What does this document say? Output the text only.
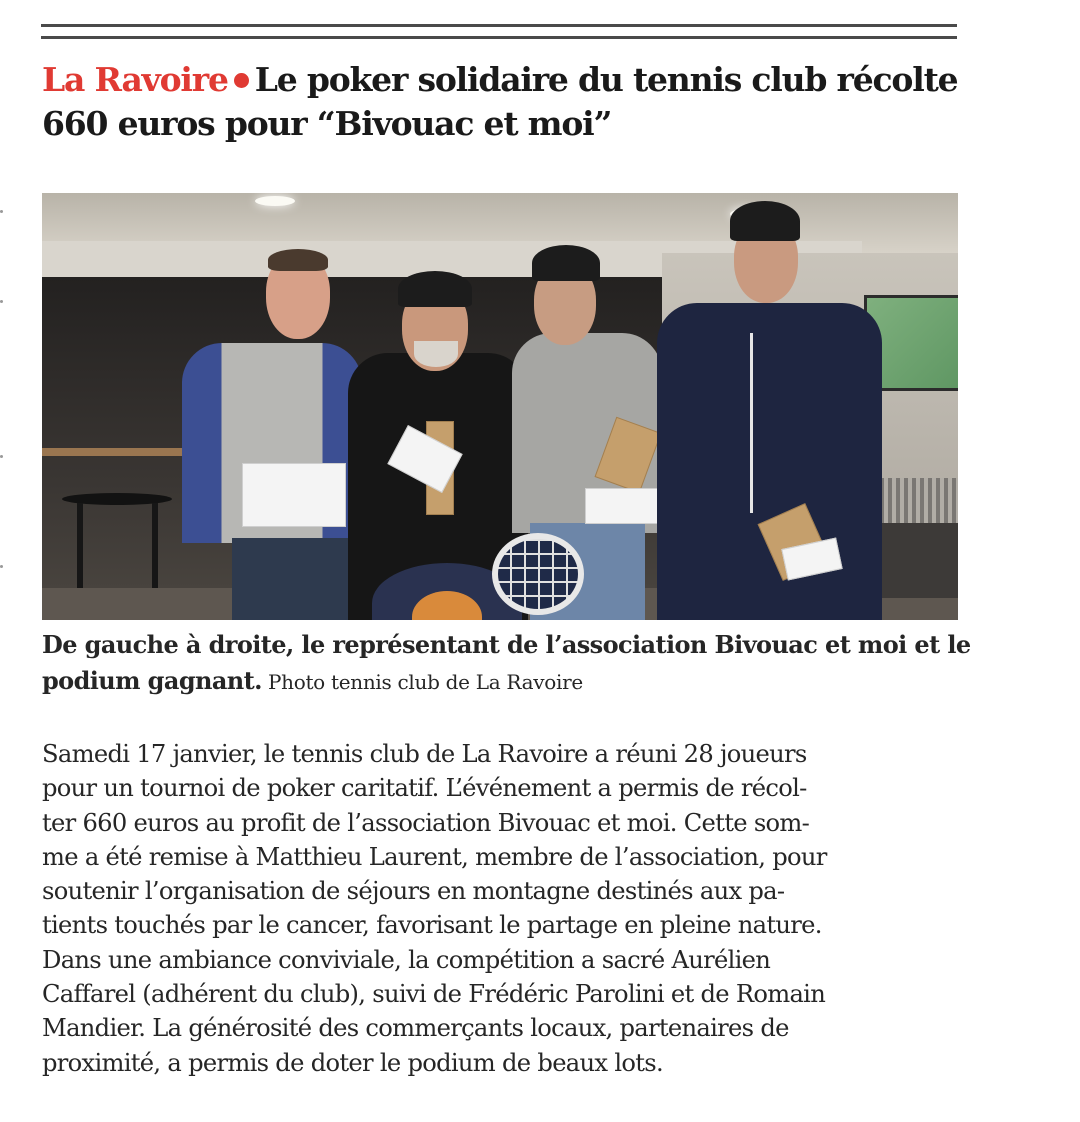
La Ravoire Le poker solidaire du tennis club récolte 660 euros pour “Bivouac et moi”

De gauche à droite, le représentant de l’association Bivouac et moi et le podium gagnant. Photo tennis club de La Ravoire

Samedi 17 janvier, le tennis club de La Ravoire a réuni 28 joueurs
pour un tournoi de poker caritatif. L’événement a permis de récol-
ter 660 euros au profit de l’association Bivouac et moi. Cette som-
me a été remise à Matthieu Laurent, membre de l’association, pour
soutenir l’organisation de séjours en montagne destinés aux pa-
tients touchés par le cancer, favorisant le partage en pleine nature.
Dans une ambiance conviviale, la compétition a sacré Aurélien
Caffarel (adhérent du club), suivi de Frédéric Parolini et de Romain
Mandier. La générosité des commerçants locaux, partenaires de
proximité, a permis de doter le podium de beaux lots.
